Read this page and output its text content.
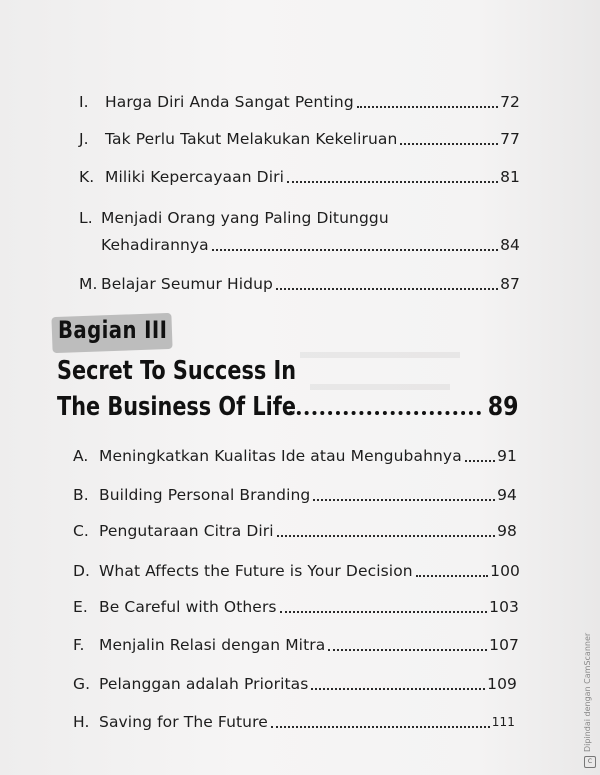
I.	Harga Diri Anda Sangat Penting	72
J.	Tak Perlu Takut Melakukan Kekeliruan	77
K. Miliki Kepercayaan Diri	81
L. Menjadi Orang yang Paling Ditunggu
Kehadirannya	84
M. Belajar Seumur Hidup	87
Bagian III
Secret To Success In
The Business Of Life	89
A. Meningkatkan Kualitas Ide atau Mengubahnya 91
B. Building Personal Branding	94
C. Pengutaraan Citra Diri	98
D. What Affects the Future is Your Decision	100
E. Be Careful with Others	103
F. Menjalin Relasi dengan Mitra	107
G. Pelanggan adalah Prioritas	109
H. Saving for The Future	111	Dipindai dengan CamScanner
C
